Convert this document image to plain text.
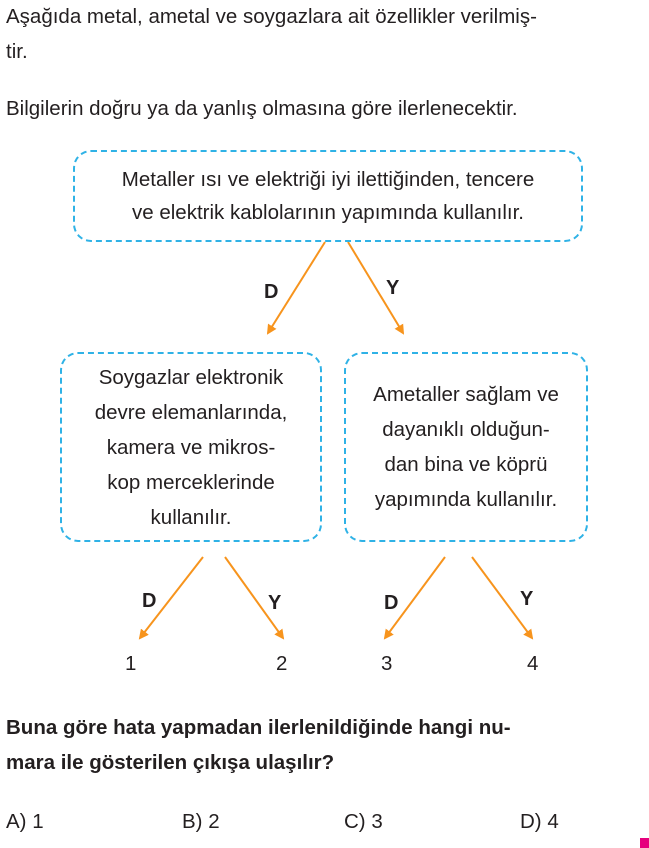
Aşağıda metal, ametal ve soygazlara ait özellikler verilmiş-

tir.

Bilgilerin doğru ya da yanlış olmasına göre ilerlenecektir.

Metaller ısı ve elektriği iyi ilettiğinden, tencere
ve elektrik kablolarının yapımında kullanılır.
Soygazlar elektronik
devre elemanlarında,
kamera ve mikros-
kop merceklerinde
kullanılır.
Ametaller sağlam ve
dayanıklı olduğun-
dan bina ve köprü
yapımında kullanılır.
D	Y
D	Y	D	Y
1	2	3	4

Buna göre hata yapmadan ilerlenildiğinde hangi nu-

mara ile gösterilen çıkışa ulaşılır?

A) 1	B) 2	C) 3	D) 4
